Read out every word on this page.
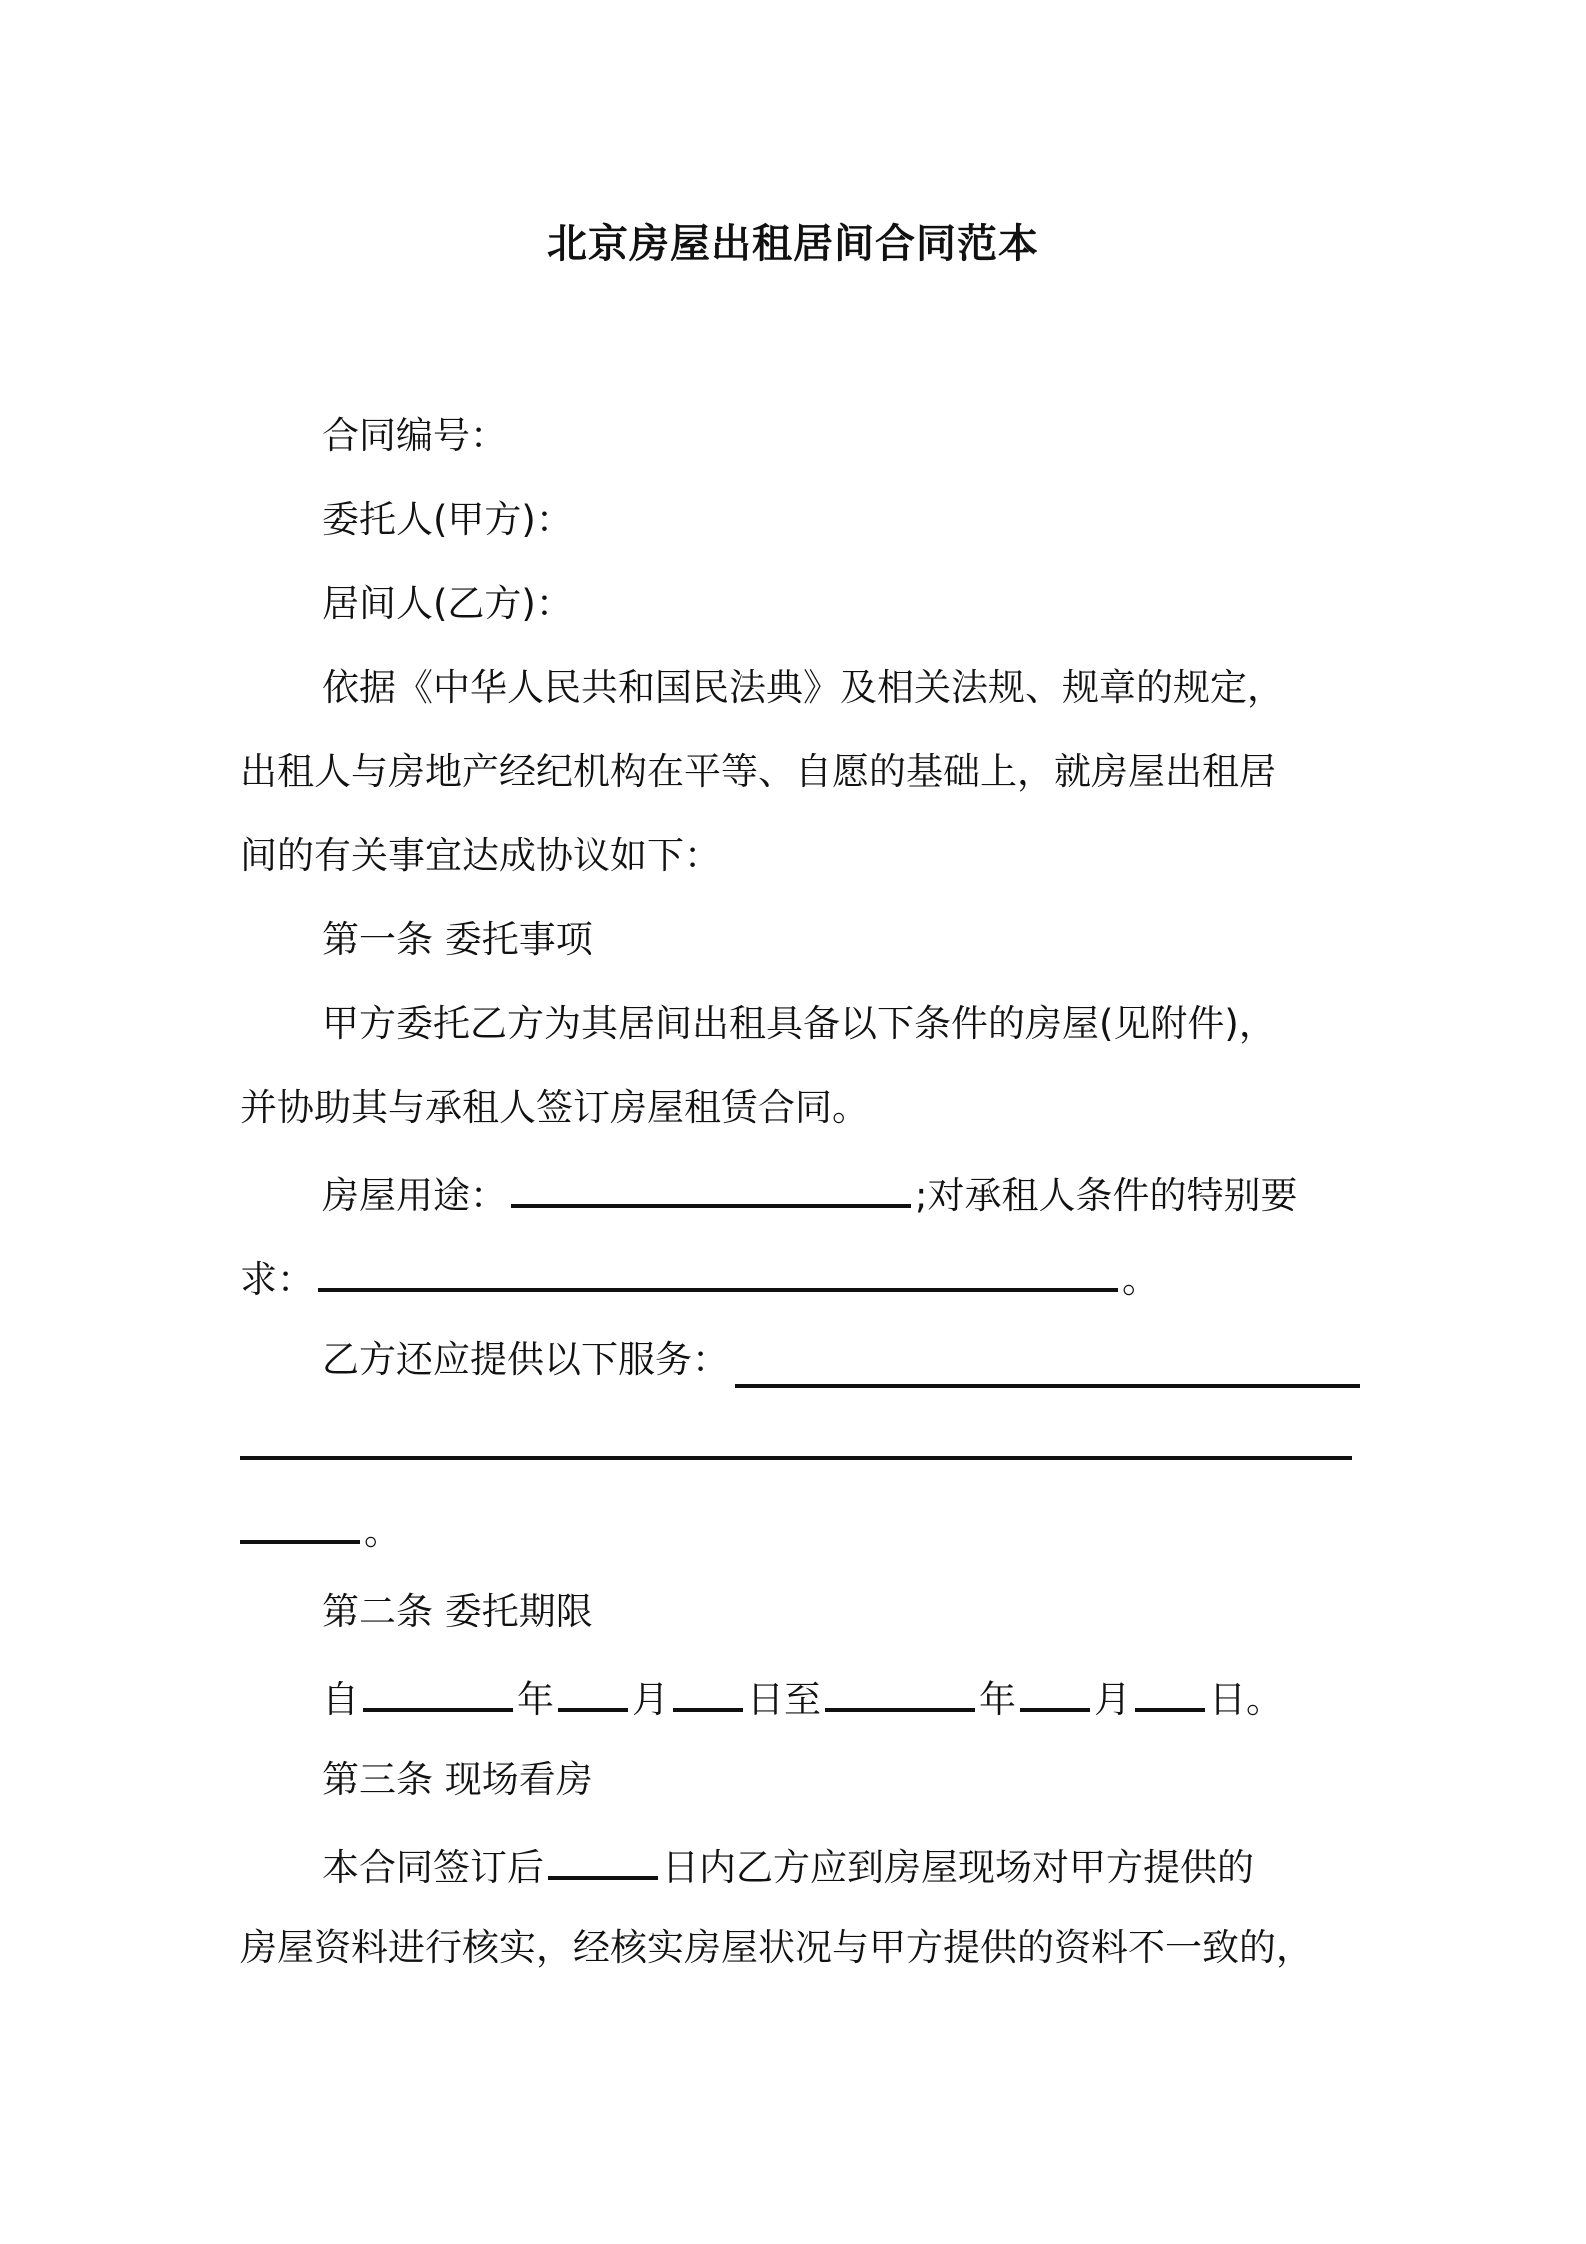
北京房屋出租居间合同范本
合同编号：
委托人(甲方)：
居间人(乙方)：
依据《中华人民共和国民法典》及相关法规、规章的规定，
出租人与房地产经纪机构在平等、自愿的基础上，就房屋出租居
间的有关事宜达成协议如下：
第一条 委托事项
甲方委托乙方为其居间出租具备以下条件的房屋(见附件)，
并协助其与承租人签订房屋租赁合同。
房屋用途：	;对承租人条件的特别要
求：	。
乙方还应提供以下服务：
。
第二条 委托期限
自	年 月 日至	年 月 日。
第三条 现场看房
本合同签订后	日内乙方应到房屋现场对甲方提供的
房屋资料进行核实，经核实房屋状况与甲方提供的资料不一致的，
